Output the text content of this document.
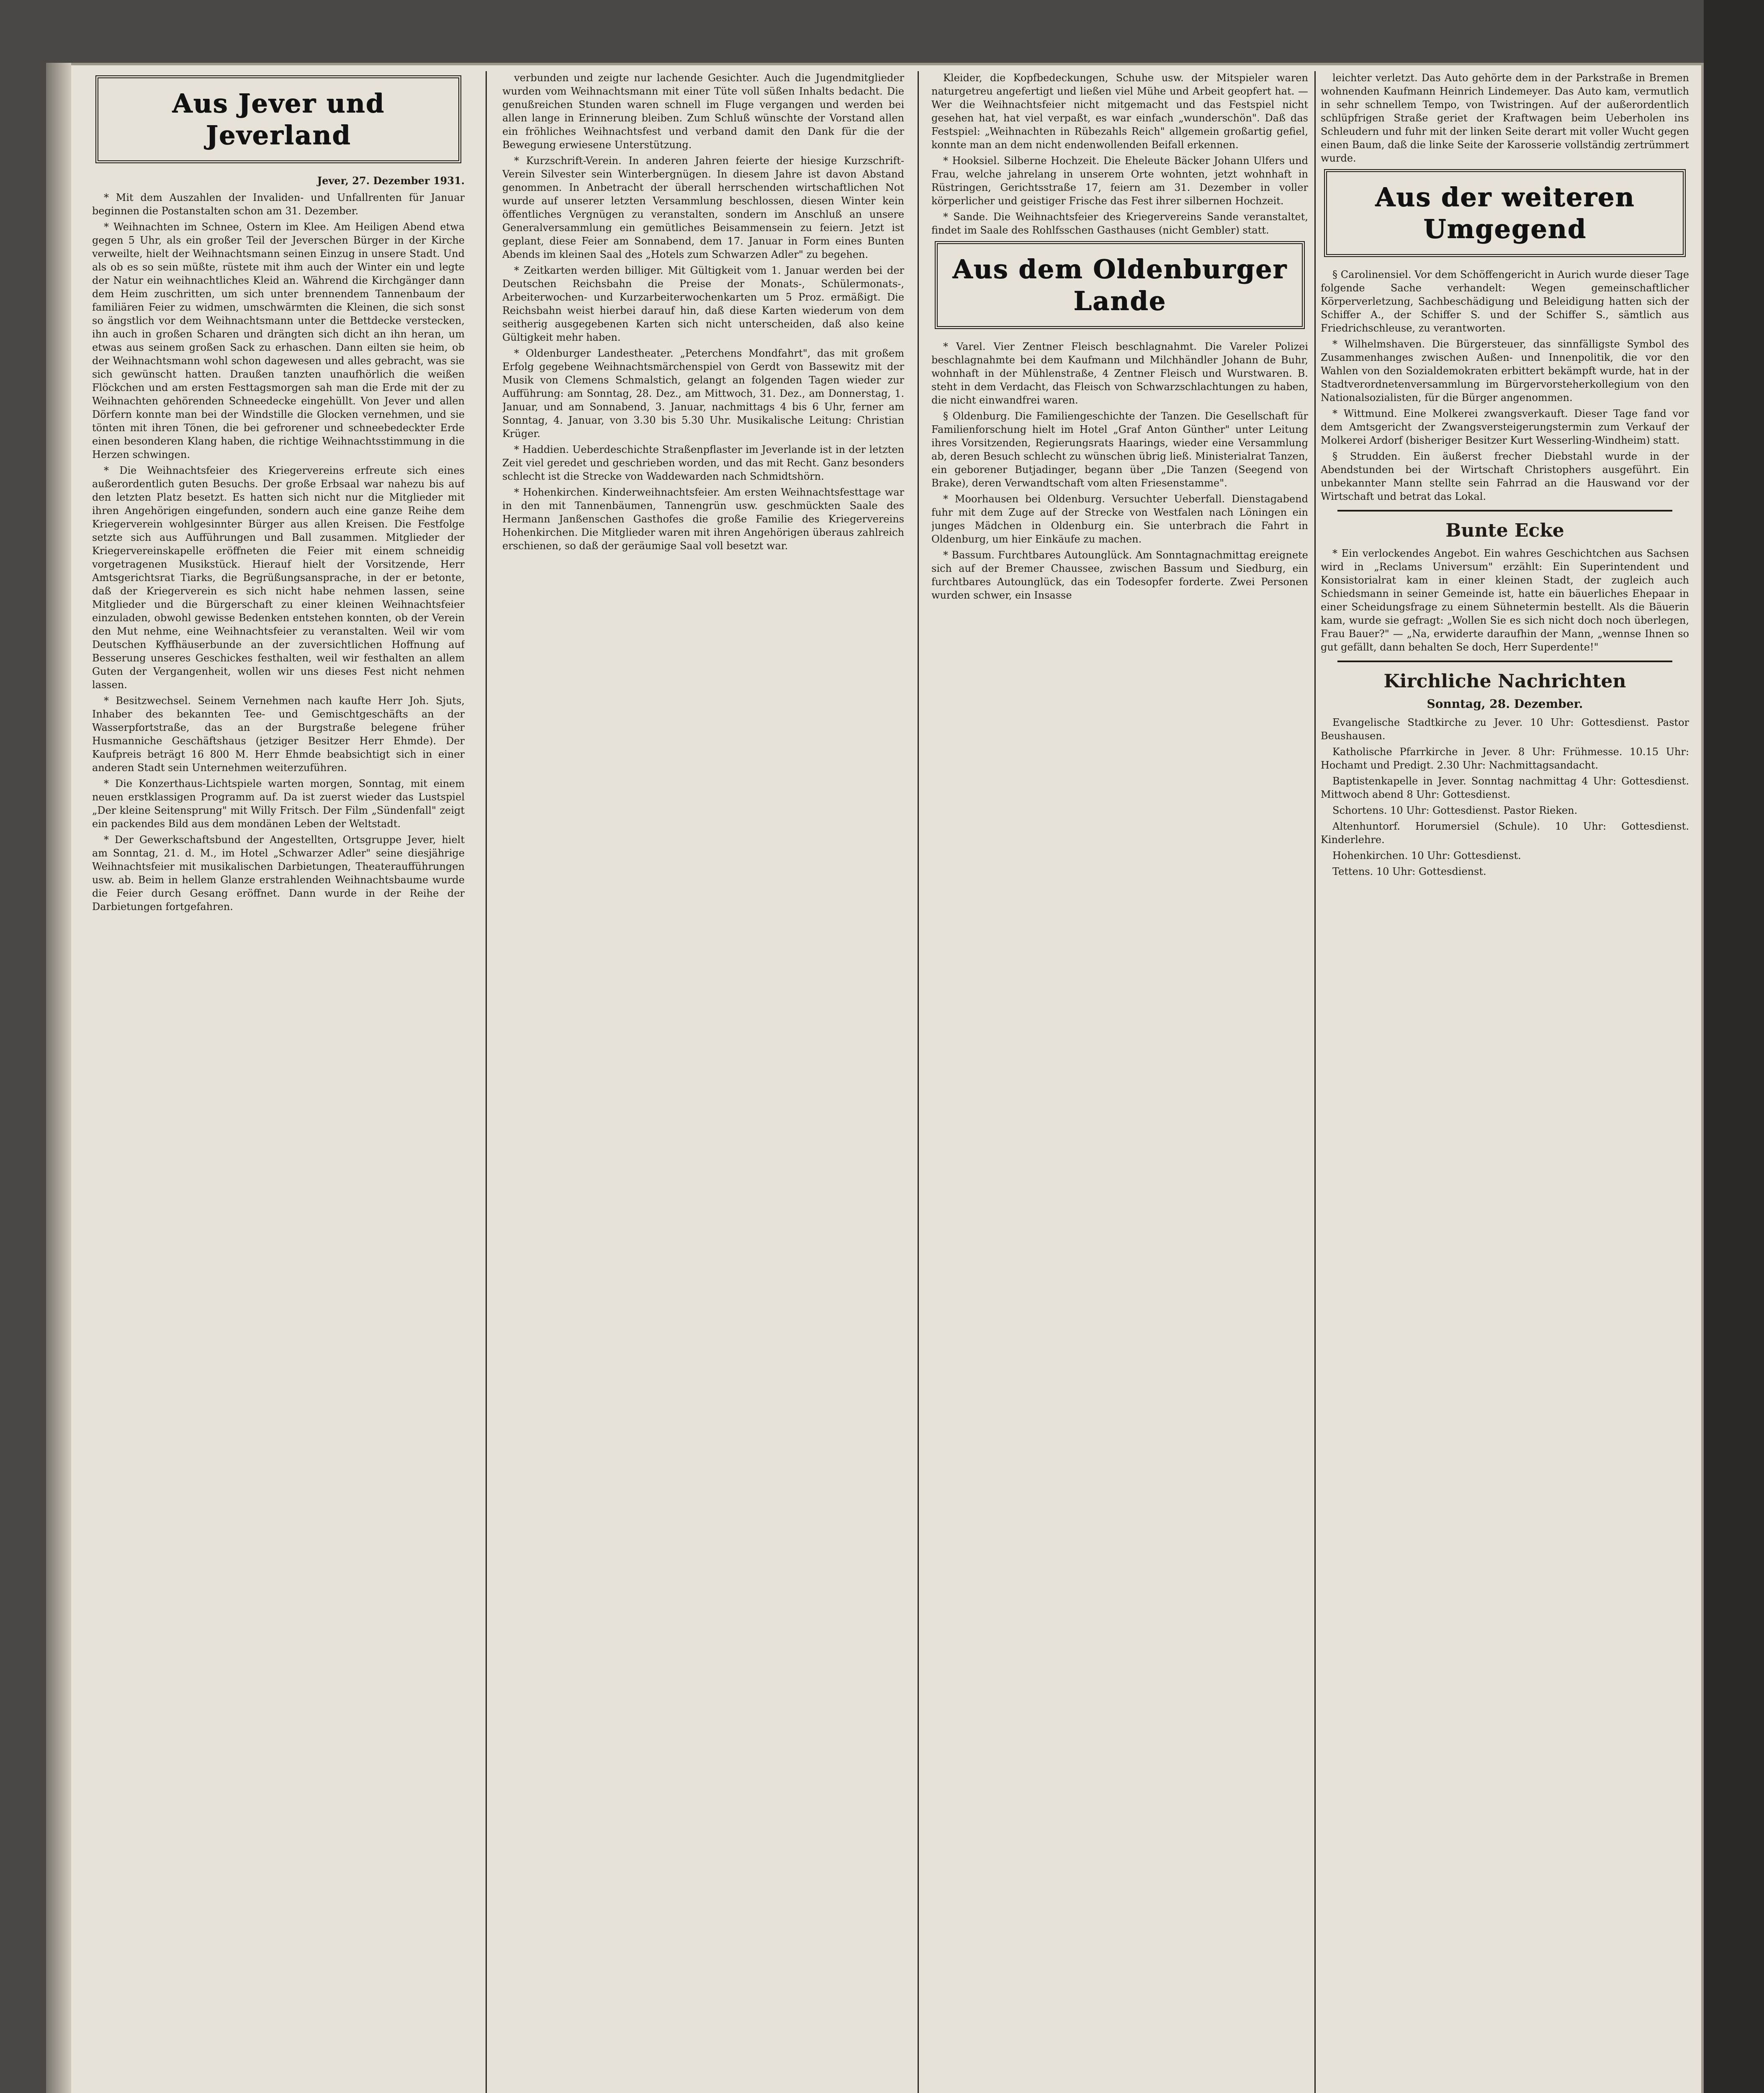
Aus Jever und Jeverland
Jever, 27. Dezember 1931.

* Mit dem Auszahlen der Invaliden- und Unfallrenten für Januar beginnen die Postanstalten schon am 31. Dezember.

* Weihnachten im Schnee, Ostern im Klee. Am Heiligen Abend etwa gegen 5 Uhr, als ein großer Teil der Jeverschen Bürger in der Kirche verweilte, hielt der Weihnachtsmann seinen Einzug in unsere Stadt. Und als ob es so sein müßte, rüstete mit ihm auch der Winter ein und legte der Natur ein weihnachtliches Kleid an. Während die Kirchgänger dann dem Heim zuschritten, um sich unter brennendem Tannenbaum der familiären Feier zu widmen, umschwärmten die Kleinen, die sich sonst so ängstlich vor dem Weihnachtsmann unter die Bettdecke verstecken, ihn auch in großen Scharen und drängten sich dicht an ihn heran, um etwas aus seinem großen Sack zu erhaschen. Dann eilten sie heim, ob der Weihnachtsmann wohl schon dagewesen und alles gebracht, was sie sich gewünscht hatten. Draußen tanzten unaufhörlich die weißen Flöckchen und am ersten Festtagsmorgen sah man die Erde mit der zu Weihnachten gehörenden Schneedecke eingehüllt. Von Jever und allen Dörfern konnte man bei der Windstille die Glocken vernehmen, und sie tönten mit ihren Tönen, die bei gefrorener und schneebedeckter Erde einen besonderen Klang haben, die richtige Weihnachtsstimmung in die Herzen schwingen.

* Die Weihnachtsfeier des Kriegervereins erfreute sich eines außerordentlich guten Besuchs. Der große Erbsaal war nahezu bis auf den letzten Platz besetzt. Es hatten sich nicht nur die Mitglieder mit ihren Angehörigen eingefunden, sondern auch eine ganze Reihe dem Kriegerverein wohlgesinnter Bürger aus allen Kreisen. Die Festfolge setzte sich aus Aufführungen und Ball zusammen. Mitglieder der Kriegervereinskapelle eröffneten die Feier mit einem schneidig vorgetragenen Musikstück. Hierauf hielt der Vorsitzende, Herr Amtsgerichtsrat Tiarks, die Begrüßungsansprache, in der er betonte, daß der Kriegerverein es sich nicht habe nehmen lassen, seine Mitglieder und die Bürgerschaft zu einer kleinen Weihnachtsfeier einzuladen, obwohl gewisse Bedenken entstehen konnten, ob der Verein den Mut nehme, eine Weihnachtsfeier zu veranstalten. Weil wir vom Deutschen Kyffhäuserbunde an der zuversichtlichen Hoffnung auf Besserung unseres Geschickes festhalten, weil wir festhalten an allem Guten der Vergangenheit, wollen wir uns dieses Fest nicht nehmen lassen.

* Besitzwechsel. Seinem Vernehmen nach kaufte Herr Joh. Sjuts, Inhaber des bekannten Tee- und Gemischtgeschäfts an der Wasserpfortstraße, das an der Burgstraße belegene früher Husmanniche Geschäftshaus (jetziger Besitzer Herr Ehmde). Der Kaufpreis beträgt 16 800 M. Herr Ehmde beabsichtigt sich in einer anderen Stadt sein Unternehmen weiterzuführen.

* Die Konzerthaus-Lichtspiele warten morgen, Sonntag, mit einem neuen erstklassigen Programm auf. Da ist zuerst wieder das Lustspiel „Der kleine Seitensprung" mit Willy Fritsch. Der Film „Sündenfall" zeigt ein packendes Bild aus dem mondänen Leben der Weltstadt.

* Der Gewerkschaftsbund der Angestellten, Ortsgruppe Jever, hielt am Sonntag, 21. d. M., im Hotel „Schwarzer Adler" seine diesjährige Weihnachtsfeier mit musikalischen Darbietungen, Theateraufführungen usw. ab. Beim in hellem Glanze erstrahlenden Weihnachtsbaume wurde die Feier durch Gesang eröffnet. Dann wurde in der Reihe der Darbietungen fortgefahren.

verbunden und zeigte nur lachende Gesichter. Auch die Jugendmitglieder wurden vom Weihnachtsmann mit einer Tüte voll süßen Inhalts bedacht. Die genußreichen Stunden waren schnell im Fluge vergangen und werden bei allen lange in Erinnerung bleiben. Zum Schluß wünschte der Vorstand allen ein fröhliches Weihnachtsfest und verband damit den Dank für die der Bewegung erwiesene Unterstützung.

* Kurzschrift-Verein. In anderen Jahren feierte der hiesige Kurzschrift-Verein Silvester sein Winterbergnügen. In diesem Jahre ist davon Abstand genommen. In Anbetracht der überall herrschenden wirtschaftlichen Not wurde auf unserer letzten Versammlung beschlossen, diesen Winter kein öffentliches Vergnügen zu veranstalten, sondern im Anschluß an unsere Generalversammlung ein gemütliches Beisammensein zu feiern. Jetzt ist geplant, diese Feier am Sonnabend, dem 17. Januar in Form eines Bunten Abends im kleinen Saal des „Hotels zum Schwarzen Adler" zu begehen.

* Zeitkarten werden billiger. Mit Gültigkeit vom 1. Januar werden bei der Deutschen Reichsbahn die Preise der Monats-, Schülermonats-, Arbeiterwochen- und Kurzarbeiterwochenkarten um 5 Proz. ermäßigt. Die Reichsbahn weist hierbei darauf hin, daß diese Karten wiederum von dem seitherig ausgegebenen Karten sich nicht unterscheiden, daß also keine Gültigkeit mehr haben.

* Oldenburger Landestheater. „Peterchens Mondfahrt", das mit großem Erfolg gegebene Weihnachtsmärchenspiel von Gerdt von Bassewitz mit der Musik von Clemens Schmalstich, gelangt an folgenden Tagen wieder zur Aufführung: am Sonntag, 28. Dez., am Mittwoch, 31. Dez., am Donnerstag, 1. Januar, und am Sonnabend, 3. Januar, nachmittags 4 bis 6 Uhr, ferner am Sonntag, 4. Januar, von 3.30 bis 5.30 Uhr. Musikalische Leitung: Christian Krüger.

* Haddien. Ueberdeschichte Straßenpflaster im Jeverlande ist in der letzten Zeit viel geredet und geschrieben worden, und das mit Recht. Ganz besonders schlecht ist die Strecke von Waddewarden nach Schmidtshörn.

* Hohenkirchen. Kinderweihnachtsfeier. Am ersten Weihnachtsfesttage war in den mit Tannenbäumen, Tannengrün usw. geschmückten Saale des Hermann Janßenschen Gasthofes die große Familie des Kriegervereins Hohenkirchen. Die Mitglieder waren mit ihren Angehörigen überaus zahlreich erschienen, so daß der geräumige Saal voll besetzt war.

Kleider, die Kopfbedeckungen, Schuhe usw. der Mitspieler waren naturgetreu angefertigt und ließen viel Mühe und Arbeit geopfert hat. — Wer die Weihnachtsfeier nicht mitgemacht und das Festspiel nicht gesehen hat, hat viel verpaßt, es war einfach „wunderschön". Daß das Festspiel: „Weihnachten in Rübezahls Reich" allgemein großartig gefiel, konnte man an dem nicht endenwollenden Beifall erkennen.

* Hooksiel. Silberne Hochzeit. Die Eheleute Bäcker Johann Ulfers und Frau, welche jahrelang in unserem Orte wohnten, jetzt wohnhaft in Rüstringen, Gerichtsstraße 17, feiern am 31. Dezember in voller körperlicher und geistiger Frische das Fest ihrer silbernen Hochzeit.

* Sande. Die Weihnachtsfeier des Kriegervereins Sande veranstaltet, findet im Saale des Rohlfsschen Gasthauses (nicht Gembler) statt.

Aus dem Oldenburger Lande

* Varel. Vier Zentner Fleisch beschlagnahmt. Die Vareler Polizei beschlagnahmte bei dem Kaufmann und Milchhändler Johann de Buhr, wohnhaft in der Mühlenstraße, 4 Zentner Fleisch und Wurstwaren. B. steht in dem Verdacht, das Fleisch von Schwarzschlachtungen zu haben, die nicht einwandfrei waren.

§ Oldenburg. Die Familiengeschichte der Tanzen. Die Gesellschaft für Familienforschung hielt im Hotel „Graf Anton Günther" unter Leitung ihres Vorsitzenden, Regierungsrats Haarings, wieder eine Versammlung ab, deren Besuch schlecht zu wünschen übrig ließ. Ministerialrat Tanzen, ein geborener Butjadinger, begann über „Die Tanzen (Seegend von Brake), deren Verwandtschaft vom alten Friesenstamme".

* Moorhausen bei Oldenburg. Versuchter Ueberfall. Dienstagabend fuhr mit dem Zuge auf der Strecke von Westfalen nach Löningen ein junges Mädchen in Oldenburg ein. Sie unterbrach die Fahrt in Oldenburg, um hier Einkäufe zu machen.

* Bassum. Furchtbares Autounglück. Am Sonntagnachmittag ereignete sich auf der Bremer Chaussee, zwischen Bassum und Siedburg, ein furchtbares Autounglück, das ein Todesopfer forderte. Zwei Personen wurden schwer, ein Insasse

leichter verletzt. Das Auto gehörte dem in der Parkstraße in Bremen wohnenden Kaufmann Heinrich Lindemeyer. Das Auto kam, vermutlich in sehr schnellem Tempo, von Twistringen. Auf der außerordentlich schlüpfrigen Straße geriet der Kraftwagen beim Ueberholen ins Schleudern und fuhr mit der linken Seite derart mit voller Wucht gegen einen Baum, daß die linke Seite der Karosserie vollständig zertrümmert wurde.

Aus der weiteren Umgegend

§ Carolinensiel. Vor dem Schöffengericht in Aurich wurde dieser Tage folgende Sache verhandelt: Wegen gemeinschaftlicher Körperverletzung, Sachbeschädigung und Beleidigung hatten sich der Schiffer A., der Schiffer S. und der Schiffer S., sämtlich aus Friedrichschleuse, zu verantworten.

* Wilhelmshaven. Die Bürgersteuer, das sinnfälligste Symbol des Zusammenhanges zwischen Außen- und Innenpolitik, die vor den Wahlen von den Sozialdemokraten erbittert bekämpft wurde, hat in der Stadtverordnetenversammlung im Bürgervorsteherkollegium von den Nationalsozialisten, für die Bürger angenommen.

* Wittmund. Eine Molkerei zwangsverkauft. Dieser Tage fand vor dem Amtsgericht der Zwangsversteigerungstermin zum Verkauf der Molkerei Ardorf (bisheriger Besitzer Kurt Wesserling-Windheim) statt.

§ Strudden. Ein äußerst frecher Diebstahl wurde in der Abendstunden bei der Wirtschaft Christophers ausgeführt. Ein unbekannter Mann stellte sein Fahrrad an die Hauswand vor der Wirtschaft und betrat das Lokal.

Bunte Ecke

* Ein verlockendes Angebot. Ein wahres Geschichtchen aus Sachsen wird in „Reclams Universum" erzählt: Ein Superintendent und Konsistorialrat kam in einer kleinen Stadt, der zugleich auch Schiedsmann in seiner Gemeinde ist, hatte ein bäuerliches Ehepaar in einer Scheidungsfrage zu einem Sühnetermin bestellt. Als die Bäuerin kam, wurde sie gefragt: „Wollen Sie es sich nicht doch noch überlegen, Frau Bauer?" — „Na, erwiderte daraufhin der Mann, „wennse Ihnen so gut gefällt, dann behalten Se doch, Herr Superdente!"

Kirchliche Nachrichten
Sonntag, 28. Dezember.

Evangelische Stadtkirche zu Jever. 10 Uhr: Gottesdienst. Pastor Beushausen.

Katholische Pfarrkirche in Jever. 8 Uhr: Frühmesse. 10.15 Uhr: Hochamt und Predigt. 2.30 Uhr: Nachmittagsandacht.

Baptistenkapelle in Jever. Sonntag nachmittag 4 Uhr: Gottesdienst. Mittwoch abend 8 Uhr: Gottesdienst.

Schortens. 10 Uhr: Gottesdienst. Pastor Rieken.

Altenhuntorf. Horumersiel (Schule). 10 Uhr: Gottesdienst. Kinderlehre.

Hohenkirchen. 10 Uhr: Gottesdienst.

Tettens. 10 Uhr: Gottesdienst.
